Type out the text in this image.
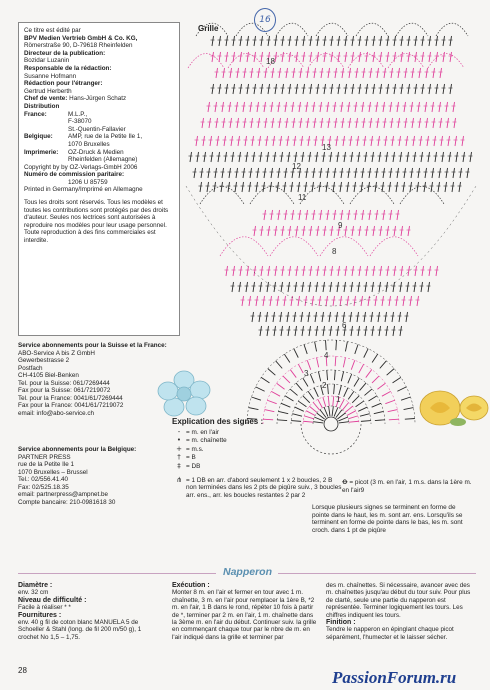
Ce titre est édité par
BPV Medien Vertrieb GmbH & Co. KG,
Römerstraße 90, D-79618 Rheinfelden
Directeur de la publication:
Bozidar Luzanin
Responsable de la rédaction:
Susanne Hofmann
Rédaction pour l'étranger:
Gertrud Herberth
Chef de vente: Hans-Jürgen Schatz
Distribution
France:	M.L.P.,
F-38070
St.-Quentin-Fallavier
Belgique:	AMP, rue de la Petite Ile 1,
1070 Bruxelles
Imprimerie:	OZ-Druck & Medien
Rheinfelden (Allemagne)
Copyright by by OZ-Verlags-GmbH 2006
Numéro de commission paritaire:
1206 U 85759
Printed in Germany/Imprimé en Allemagne
Tous les droits sont réservés. Tous les modèles et toutes les contributions sont protégés par des droits d'auteur. Seules nos lectrices sont autorisées à reproduire nos modèles pour leur usage personnel. Toute reproduction à des fins commerciales est interdite.
Service abonnements pour la Suisse et la France:
ABO-Service A bis Z GmbH
Gewerbestrasse 2
Postfach
CH-4105 Biel-Benken
Tel. pour la Suisse: 061/7269444
Fax pour la Suisse: 061/7219072
Tel. pour la France: 0041/61/7269444
Fax pour la France: 0041/61/7219072
email: info@abo-service.ch
Service abonnements pour la Belgique:
PARTNER PRESS
rue de la Petite Ile 1
1070 Bruxelles – Brussel
Tel.: 02/556.41.40
Fax: 02/525.18.35
email: partnerpress@ampnet.be
Compte bancaire: 210-0981618 30
18
13
12
11
9
8
6
4
3
2
1
Grille
16
Explication des signes :
- = m. en l'air
• = m. chaînette
+ = m.s.
† = B
‡ = DB
⋔ = 1 DB en arr. d'abord seulement 1 x 2 boucles, 2 B non terminées dans les 2 pts de piqûre suiv., 3 boucles arr. ens., arr. les boucles restantes 2 par 2
ꝋ = picot (3 m. en l'air, 1 m.s. dans la 1ère m. en l'air9

Lorsque plusieurs signes se terminent en forme de pointe dans le haut, les m. sont arr. ens. Lorsqu'ils se terminent en forme de pointe dans le bas, les m. sont croch. dans 1 pt de piqûre

Napperon
Diamètre :

env. 32 cm

Niveau de difficulté :

Facile à réaliser * *

Fournitures :

env. 40 g fil de coton blanc MANUELA 5 de Schoeller & Stahl (long. de fil 200 m/50 g), 1 crochet No 1,5 – 1,75.

Exécution :

Monter 8 m. en l'air et fermer en tour avec 1 m. chaînette, 3 m. en l'air pour remplacer la 1ère B, *2 m. en l'air, 1 B dans le rond, répéter 10 fois à partir de *, terminer par 2 m. en l'air, 1 m. chaînette dans la 3ème m. en l'air du début. Continuer suiv. la grille en commençant chaque tour par le nbre de m. en l'air indiqué dans la grille et terminer par

des m. chaînettes. Si nécessaire, avancer avec des m. chaînettes jusqu'au début du tour suiv. Pour plus de clarté, seule une partie du napperon est représentée. Terminer logiquement les tours. Les chiffres indiquent les tours.

Finition :

Tendre le napperon en épinglant chaque picot séparément, l'humecter et le laisser sécher.

28	PassionForum.ru
